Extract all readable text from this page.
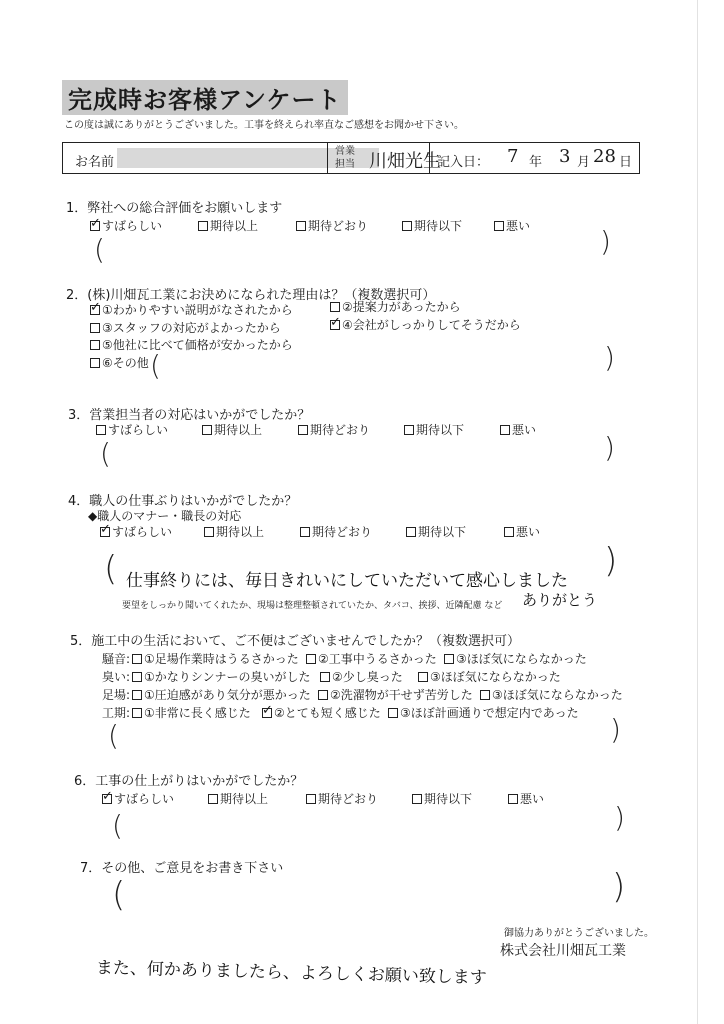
完成時お客様アンケート
この度は誠にありがとうございました。工事を終えられ率直なご感想をお聞かせ下さい。
お名前
営業
担当 川畑光生
記入日： 7 年 3 月 28 日
1．弊社への総合評価をお願いします
✓すばらしい	期待以上	期待どおり	期待以下	悪い
(	)
2．(株)川畑瓦工業にお決めになられた理由は？（複数選択可）
✓①わかりやすい説明がなされたから	②提案力があったから
③スタッフの対応がよかったから ✓	④会社がしっかりしてそうだから
⑤他社に比べて価格が安かったから
⑥その他 (	)
3．営業担当者の対応はいかがでしたか？
すばらしい	期待以上	期待どおり	期待以下	悪い
(	)
4．職人の仕事ぶりはいかがでしたか？
◆職人のマナー・職長の対応
✓すばらしい	期待以上	期待どおり	期待以下	悪い
( 仕事終りには、毎日きれいにしていただいて感心しました
要望をしっかり聞いてくれたか、現場は整理整頓されていたか、タバコ、挨拶、近隣配慮 など ありがとう
)
5．施工中の生活において、ご不便はございませんでしたか？（複数選択可）
騒音:	①足場作業時はうるさかった	②工事中うるさかった	③ほぼ気にならなかった
臭い:	①かなりシンナーの臭いがした	②少し臭った	③ほぼ気にならなかった
足場:	①圧迫感があり気分が悪かった	②洗濯物が干せず苦労した	③ほぼ気にならなかった
工期:	①非常に長く感じた ✓	②とても短く感じた	③ほぼ計画通りで想定内であった
(	)
6．工事の仕上がりはいかがでしたか？
✓すばらしい	期待以上	期待どおり	期待以下	悪い
(	)
7．その他、ご意見をお書き下さい
(	)
御協力ありがとうございました。
株式会社川畑瓦工業
また、何かありましたら、よろしくお願い致します
